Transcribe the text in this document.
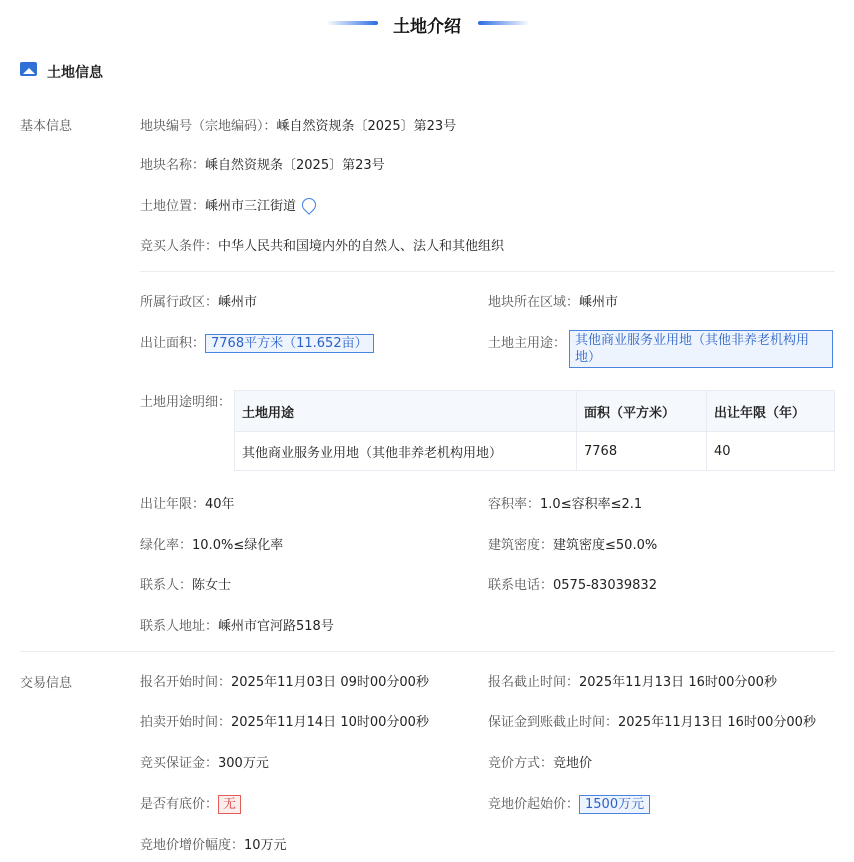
土地介绍
土地信息
基本信息	地块编号（宗地编码）：嵊自然资规条〔2025〕第23号
地块名称：嵊自然资规条〔2025〕第23号
土地位置：嵊州市三江街道
竞买人条件：中华人民共和国境内外的自然人、法人和其他组织
所属行政区：嵊州市	地块所在区域：嵊州市
出让面积： 7768平方米（11.652亩）	土地主用途： 其他商业服务业用地（其他非养老机构用
地）
土地用途明细：
土地用途	面积（平方米）	出让年限（年）
其他商业服务业用地（其他非养老机构用地）	7768	40
出让年限：40年	容积率：1.0≤容积率≤2.1
绿化率：10.0%≤绿化率	建筑密度：建筑密度≤50.0%
联系人：陈女士	联系电话：0575-83039832
联系人地址：嵊州市官河路518号
交易信息	报名开始时间：2025年11月03日 09时00分00秒	报名截止时间：2025年11月13日 16时00分00秒
拍卖开始时间：2025年11月14日 10时00分00秒	保证金到账截止时间：2025年11月13日 16时00分00秒
竞买保证金：300万元	竞价方式：竞地价
是否有底价： 无	竞地价起始价： 1500万元
竞地价增价幅度：10万元
